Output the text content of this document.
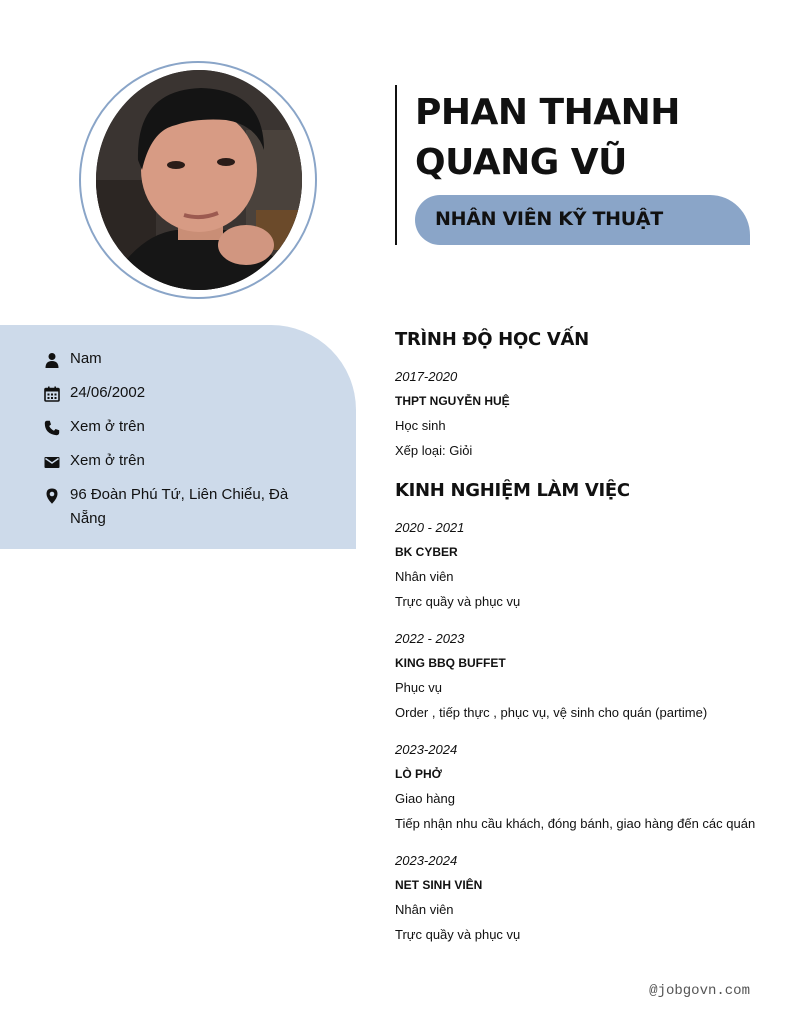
PHAN THANH QUANG VŨ
NHÂN VIÊN KỸ THUẬT
Nam
24/06/2002
Xem ở trên
Xem ở trên
96 Đoàn Phú Tứ, Liên Chiểu, Đà Nẵng
TRÌNH ĐỘ HỌC VẤN
2017-2020
THPT NGUYỄN HUỆ
Học sinh
Xếp loại: Giỏi
KINH NGHIỆM LÀM VIỆC
2020 - 2021
BK CYBER
Nhân viên
Trực quầy và phục vụ
2022 - 2023
KING BBQ BUFFET
Phục vụ
Order , tiếp thực , phục vụ, vệ sinh cho quán (partime)
2023-2024
LÒ PHỞ
Giao hàng
Tiếp nhận nhu cầu khách, đóng bánh, giao hàng đến các quán
2023-2024
NET SINH VIÊN
Nhân viên
Trực quầy và phục vụ
@jobgovn.com
